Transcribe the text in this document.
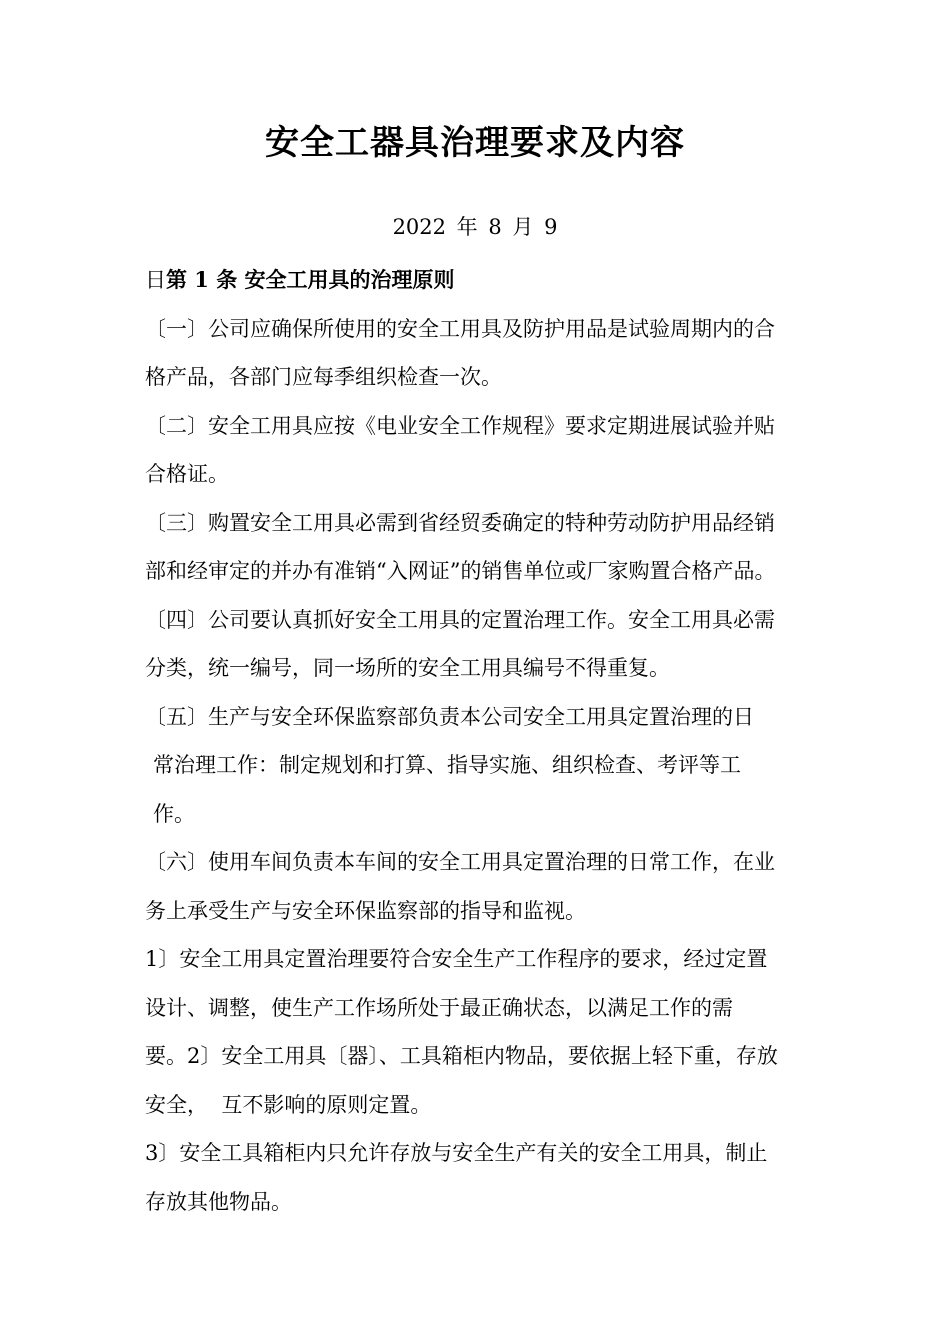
安全工器具治理要求及内容
2022 年 8 月 9
日第 1 条 安全工用具的治理原则
〔一〕公司应确保所使用的安全工用具及防护用品是试验周期内的合
格产品，各部门应每季组织检查一次。
〔二〕安全工用具应按《电业安全工作规程》要求定期进展试验并贴
合格证。
〔三〕购置安全工用具必需到省经贸委确定的特种劳动防护用品经销
部和经审定的并办有准销“入网证”的销售单位或厂家购置合格产品。
〔四〕公司要认真抓好安全工用具的定置治理工作。安全工用具必需
分类，统一编号，同一场所的安全工用具编号不得重复。
〔五〕生产与安全环保监察部负责本公司安全工用具定置治理的日
常治理工作：制定规划和打算、指导实施、组织检查、考评等工
作。
〔六〕使用车间负责本车间的安全工用具定置治理的日常工作，在业
务上承受生产与安全环保监察部的指导和监视。
1〕安全工用具定置治理要符合安全生产工作程序的要求，经过定置
设计、调整，使生产工作场所处于最正确状态，以满足工作的需
要。2〕安全工用具〔器〕、工具箱柜内物品，要依据上轻下重，存放
安全，  互不影响的原则定置。
3〕安全工具箱柜内只允许存放与安全生产有关的安全工用具，制止
存放其他物品。
